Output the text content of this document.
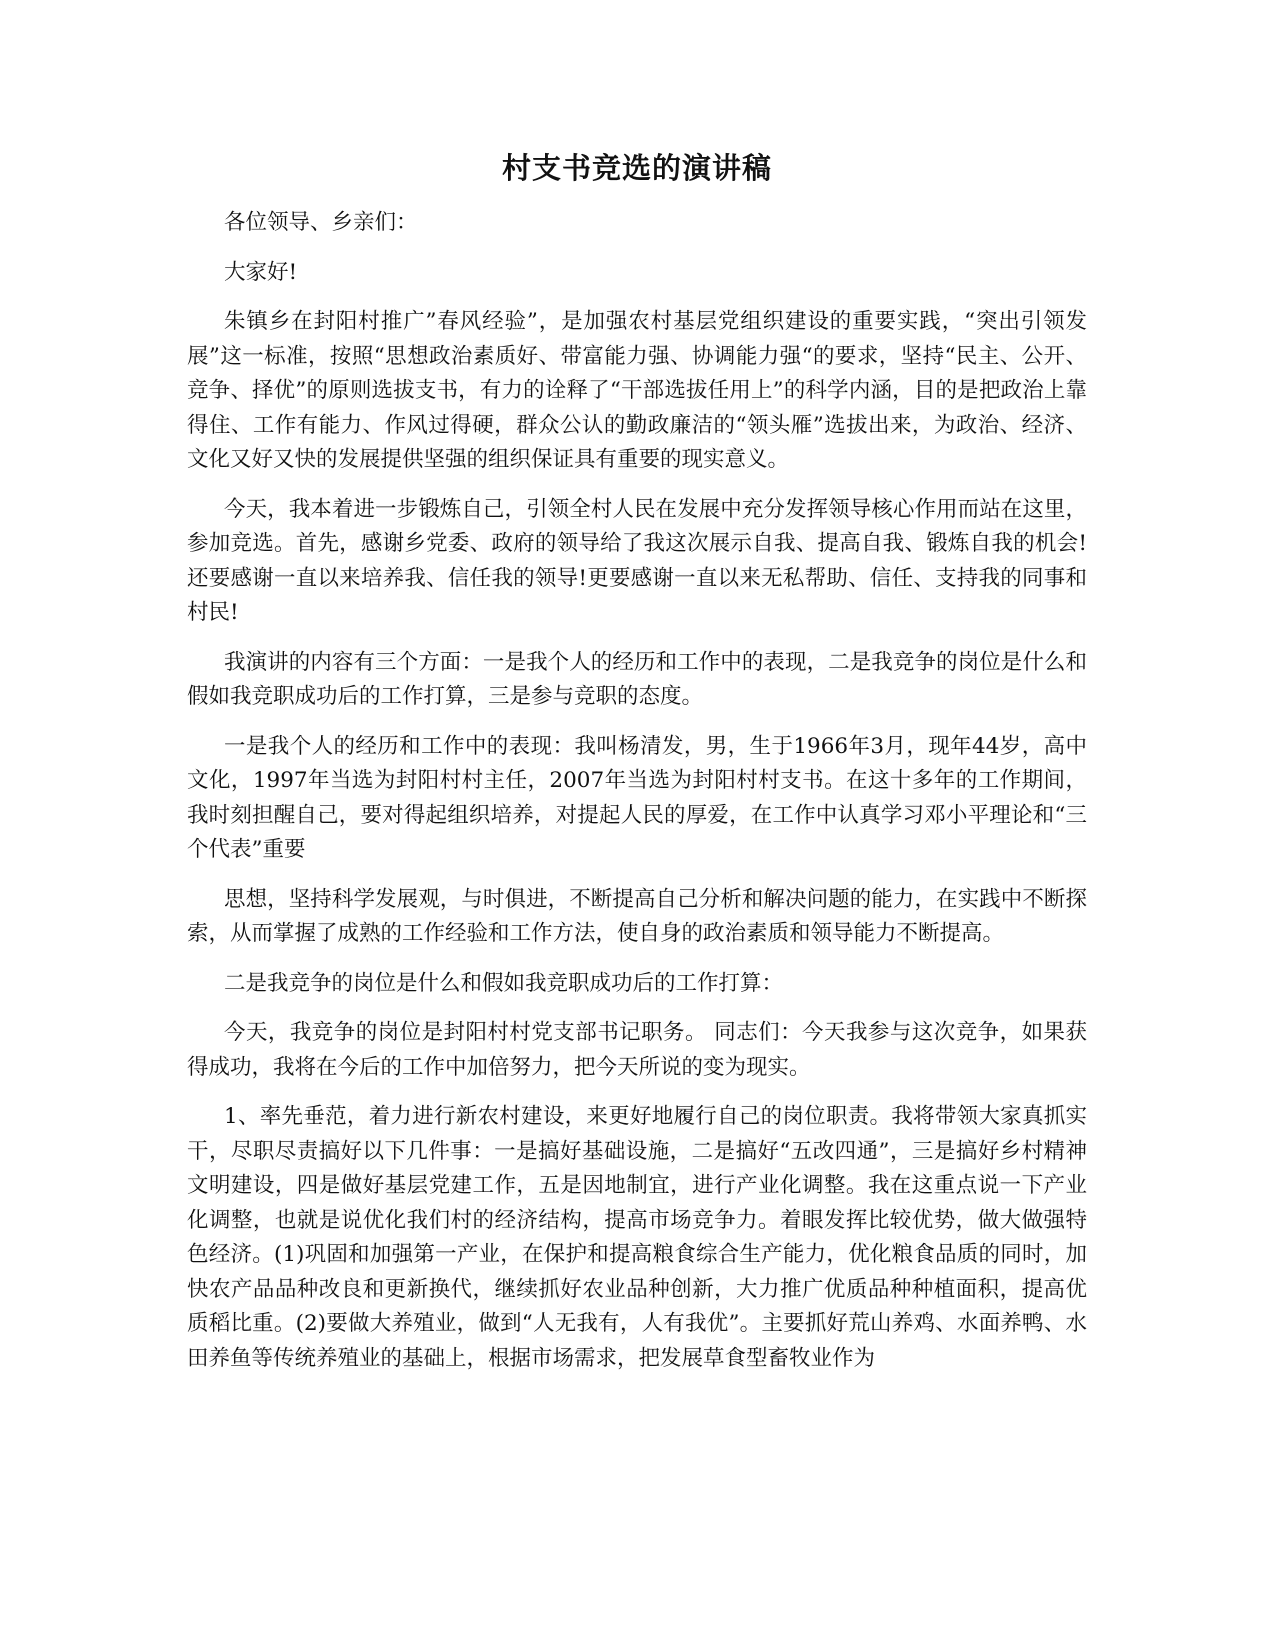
村支书竞选的演讲稿

各位领导、乡亲们：

大家好!

朱镇乡在封阳村推广”春风经验”，是加强农村基层党组织建设的重要实践，“突出引领发展”这一标准，按照“思想政治素质好、带富能力强、协调能力强“的要求，坚持“民主、公开、竞争、择优”的原则选拔支书，有力的诠释了“干部选拔任用上”的科学内涵，目的是把政治上靠得住、工作有能力、作风过得硬，群众公认的勤政廉洁的“领头雁”选拔出来，为政治、经济、文化又好又快的发展提供坚强的组织保证具有重要的现实意义。

今天，我本着进一步锻炼自己，引领全村人民在发展中充分发挥领导核心作用而站在这里，参加竞选。首先，感谢乡党委、政府的领导给了我这次展示自我、提高自我、锻炼自我的机会!还要感谢一直以来培养我、信任我的领导!更要感谢一直以来无私帮助、信任、支持我的同事和村民!

我演讲的内容有三个方面：一是我个人的经历和工作中的表现，二是我竞争的岗位是什么和假如我竞职成功后的工作打算，三是参与竞职的态度。

一是我个人的经历和工作中的表现：我叫杨清发，男，生于1966年3月，现年44岁，高中文化，1997年当选为封阳村村主任，2007年当选为封阳村村支书。在这十多年的工作期间，我时刻担醒自己，要对得起组织培养，对提起人民的厚爱，在工作中认真学习邓小平理论和“三个代表”重要

思想，坚持科学发展观，与时俱进，不断提高自己分析和解决问题的能力，在实践中不断探索，从而掌握了成熟的工作经验和工作方法，使自身的政治素质和领导能力不断提高。

二是我竞争的岗位是什么和假如我竞职成功后的工作打算：

今天，我竞争的岗位是封阳村村党支部书记职务。 同志们：今天我参与这次竞争，如果获得成功，我将在今后的工作中加倍努力，把今天所说的变为现实。

1、率先垂范，着力进行新农村建设，来更好地履行自己的岗位职责。我将带领大家真抓实干，尽职尽责搞好以下几件事：一是搞好基础设施，二是搞好“五改四通”，三是搞好乡村精神文明建设，四是做好基层党建工作，五是因地制宜，进行产业化调整。我在这重点说一下产业化调整，也就是说优化我们村的经济结构，提高市场竞争力。着眼发挥比较优势，做大做强特色经济。(1)巩固和加强第一产业，在保护和提高粮食综合生产能力，优化粮食品质的同时，加快农产品品种改良和更新换代，继续抓好农业品种创新，大力推广优质品种种植面积，提高优质稻比重。(2)要做大养殖业，做到“人无我有，人有我优”。主要抓好荒山养鸡、水面养鸭、水田养鱼等传统养殖业的基础上，根据市场需求，把发展草食型畜牧业作为
